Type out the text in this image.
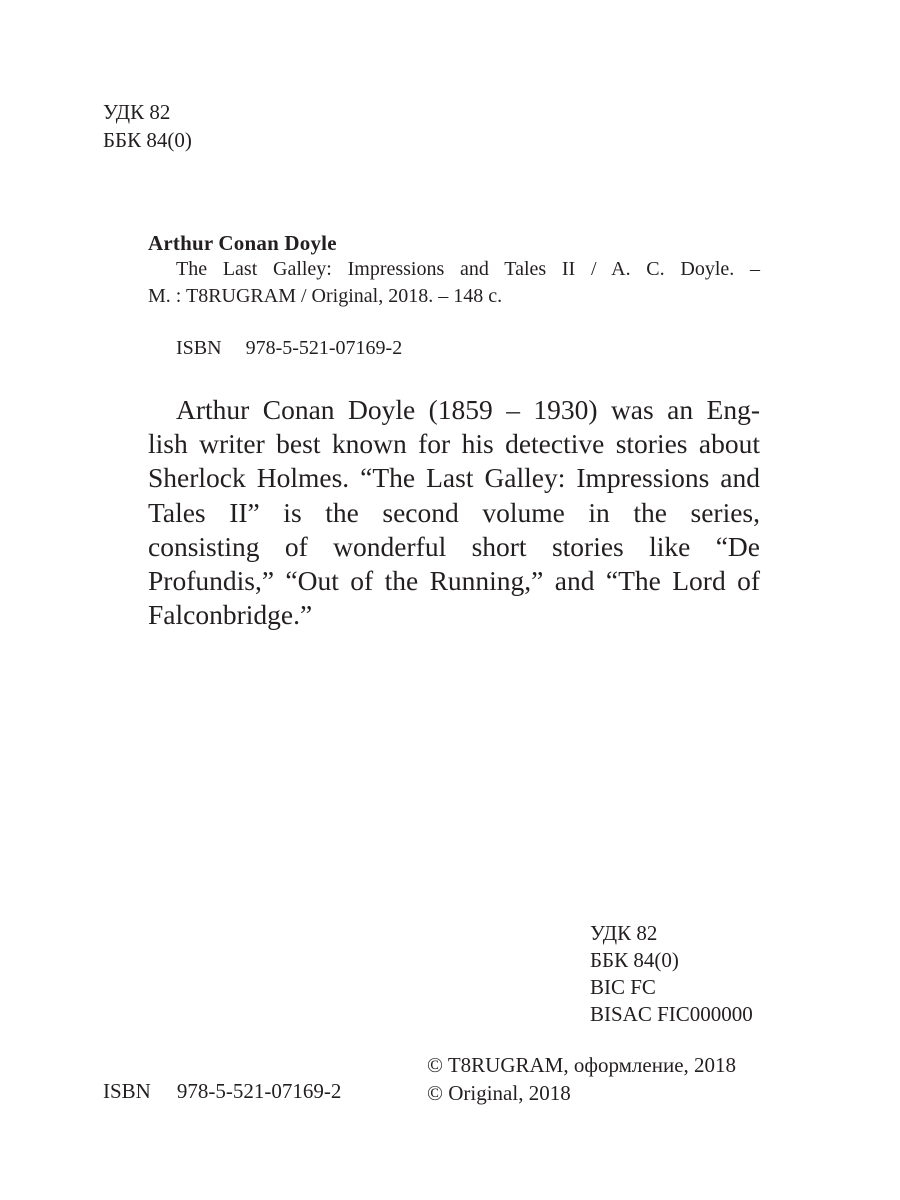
УДК 82
ББК 84(0)
Arthur Conan Doyle
The Last Galley: Impressions and Tales II / A. C. Doyle. –
M. : T8RUGRAM / Original, 2018. – 148 c.
ISBN 978-5-521-07169-2
Arthur Conan Doyle (1859 – 1930) was an Eng-
lish writer best known for his detective stories about
Sherlock Holmes. “The Last Galley: Impressions and
Tales II” is the second volume in the series,
consisting of wonderful short stories like “De
Profundis,” “Out of the Running,” and “The Lord of
Falconbridge.”
УДК 82
ББК 84(0)
BIC FC
BISAC FIC000000
© T8RUGRAM, оформление, 2018
© Original, 2018
ISBN 978-5-521-07169-2
